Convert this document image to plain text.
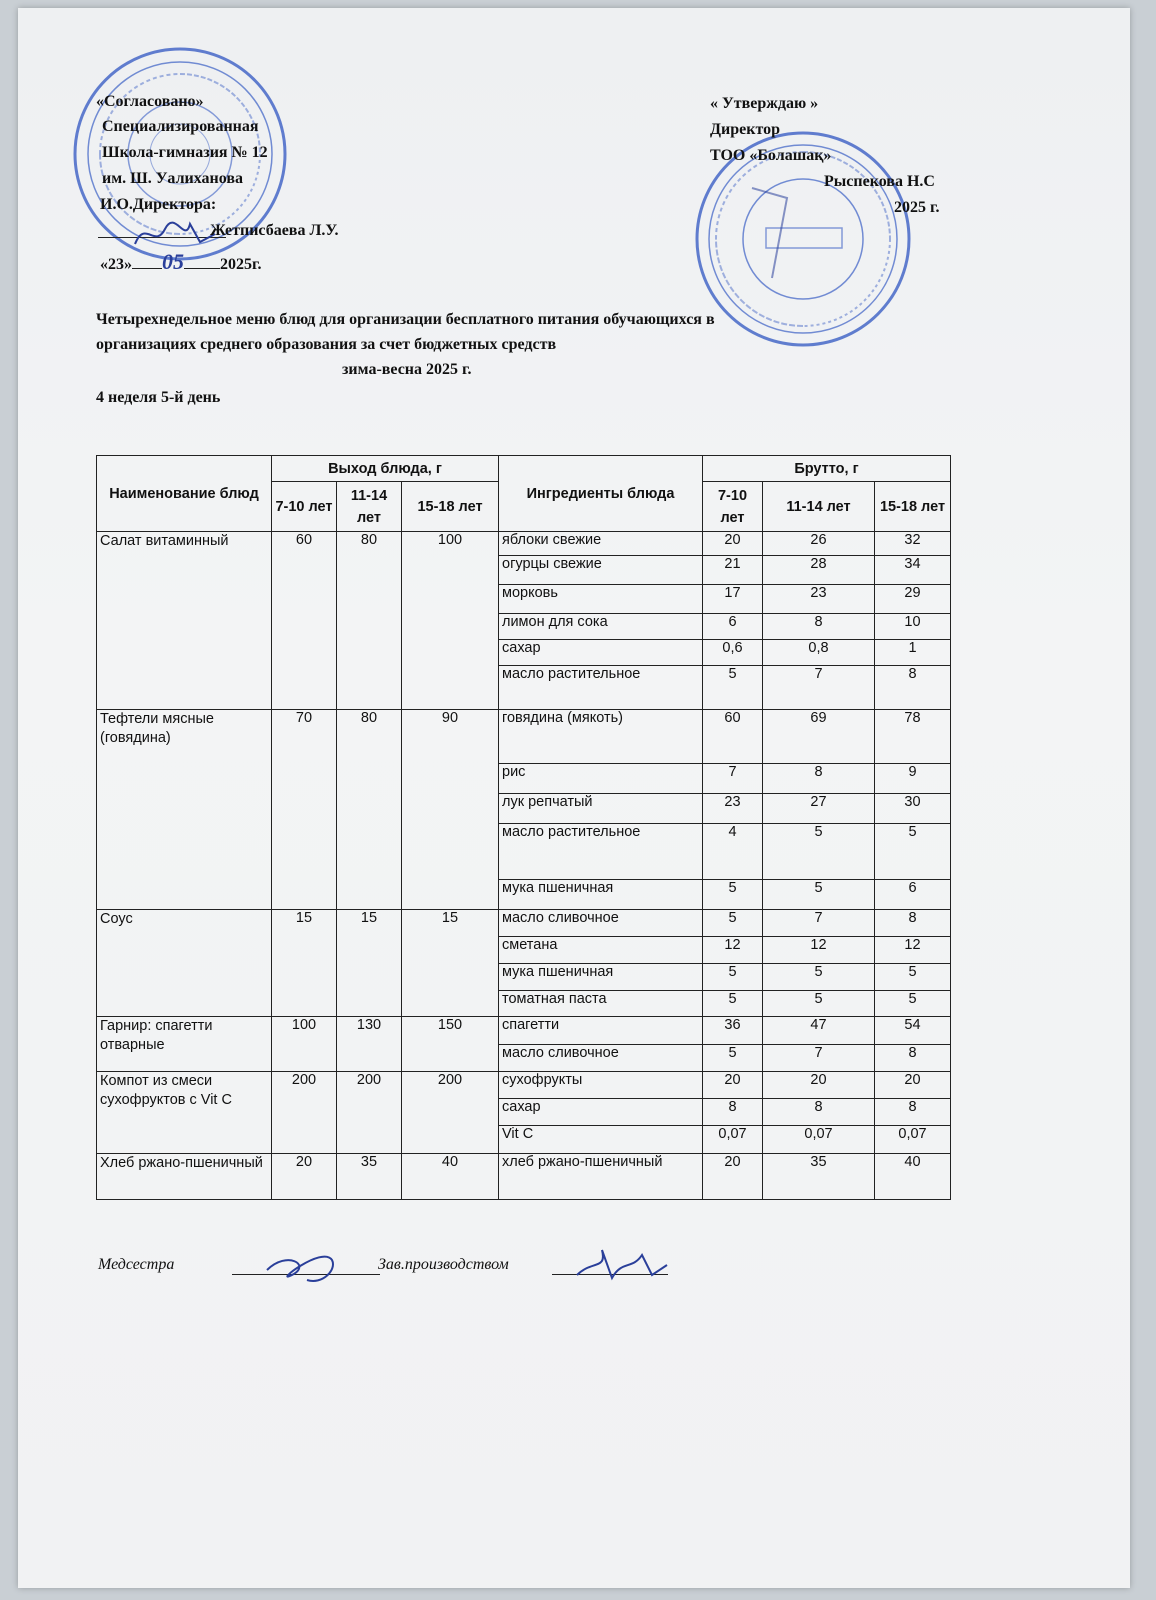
«Согласовано»
Специализированная
Школа-гимназия № 12
им. Ш. Уалиханова
И.О.Директора:
Жетписбаева Л.У.
«23» 05 2025г.
« Утверждаю »
Директор
ТОО «Болашақ»
Рыспекова Н.С
2025 г.
Четырехнедельное меню блюд для организации бесплатного питания обучающихся в
организациях среднего образования за счет бюджетных средств
зима-весна 2025 г.
4 неделя 5-й день
Наименование блюд	Выход блюда, г			Ингредиенты блюда	Брутто, г		
	7-10 лет	11-14 лет	15-18 лет		7-10 лет	11-14 лет	15-18 лет
Салат витаминный	60	80	100	яблоки свежие	20	26	32
				огурцы свежие	21	28	34
				морковь	17	23	29
				лимон для сока	6	8	10
				сахар	0,6	0,8	1
				масло растительное	5	7	8
Тефтели мясные (говядина)	70	80	90	говядина (мякоть)	60	69	78
				рис	7	8	9
				лук репчатый	23	27	30
				масло растительное	4	5	5
				мука пшеничная	5	5	6
Соус	15	15	15	масло сливочное	5	7	8
				сметана	12	12	12
				мука пшеничная	5	5	5
				томатная паста	5	5	5
Гарнир: спагетти отварные	100	130	150	спагетти	36	47	54
				масло сливочное	5	7	8
Компот из смеси сухофруктов с Vit C	200	200	200	сухофрукты	20	20	20
				сахар	8	8	8
				Vit C	0,07	0,07	0,07
Хлеб ржано-пшеничный	20	35	40	хлеб ржано-пшеничный	20	35	40
Медсестра	Зав.производством
